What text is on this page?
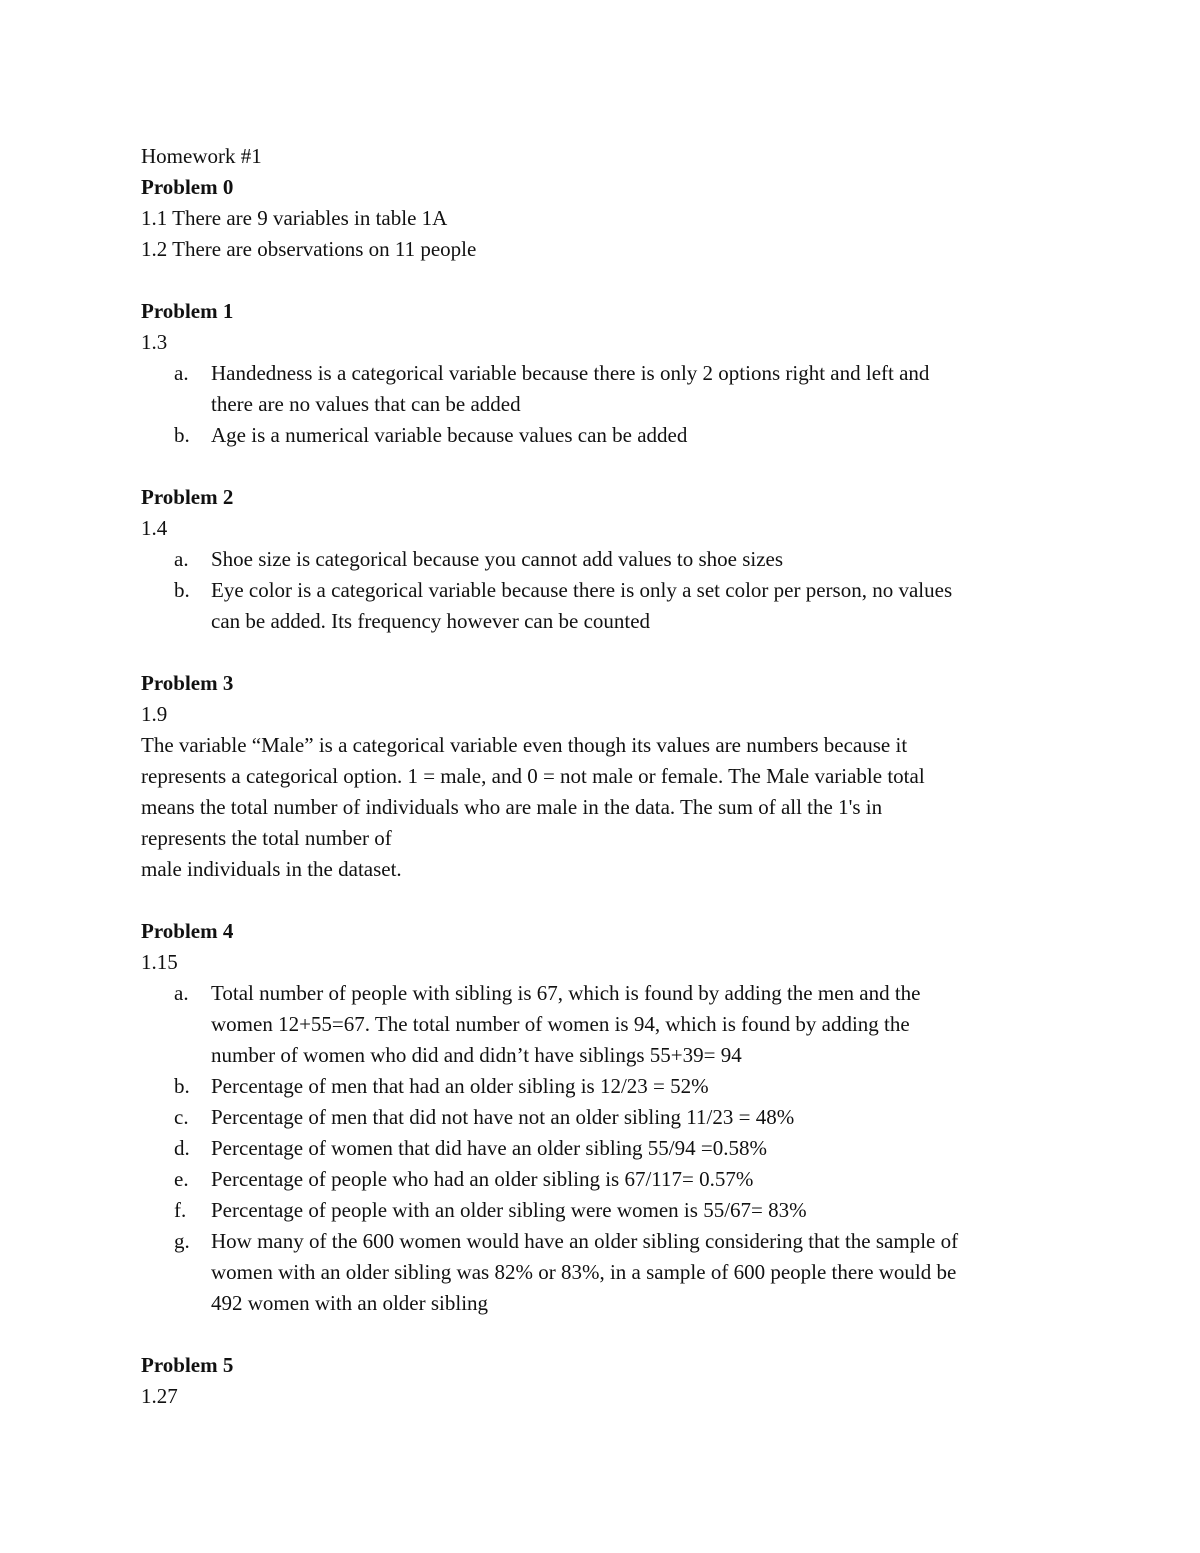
Homework #1
Problem 0
1.1 There are 9 variables in table 1A
1.2 There are observations on 11 people
Problem 1
1.3
a. Handedness is a categorical variable because there is only 2 options right and left and
there are no values that can be added
b. Age is a numerical variable because values can be added
Problem 2
1.4
a. Shoe size is categorical because you cannot add values to shoe sizes
b. Eye color is a categorical variable because there is only a set color per person, no values
can be added. Its frequency however can be counted
Problem 3
1.9
The variable “Male” is a categorical variable even though its values are numbers because it
represents a categorical option. 1 = male, and 0 = not male or female. The Male variable total
means the total number of individuals who are male in the data. The sum of all the 1's in
represents the total number of
male individuals in the dataset.
Problem 4
1.15
a. Total number of people with sibling is 67, which is found by adding the men and the
women 12+55=67. The total number of women is 94, which is found by adding the
number of women who did and didn’t have siblings 55+39= 94
b. Percentage of men that had an older sibling is 12/23 = 52%
c. Percentage of men that did not have not an older sibling 11/23 = 48%
d. Percentage of women that did have an older sibling 55/94 =0.58%
e. Percentage of people who had an older sibling is 67/117= 0.57%
f. Percentage of people with an older sibling were women is 55/67= 83%
g. How many of the 600 women would have an older sibling considering that the sample of
women with an older sibling was 82% or 83%, in a sample of 600 people there would be
492 women with an older sibling
Problem 5
1.27
